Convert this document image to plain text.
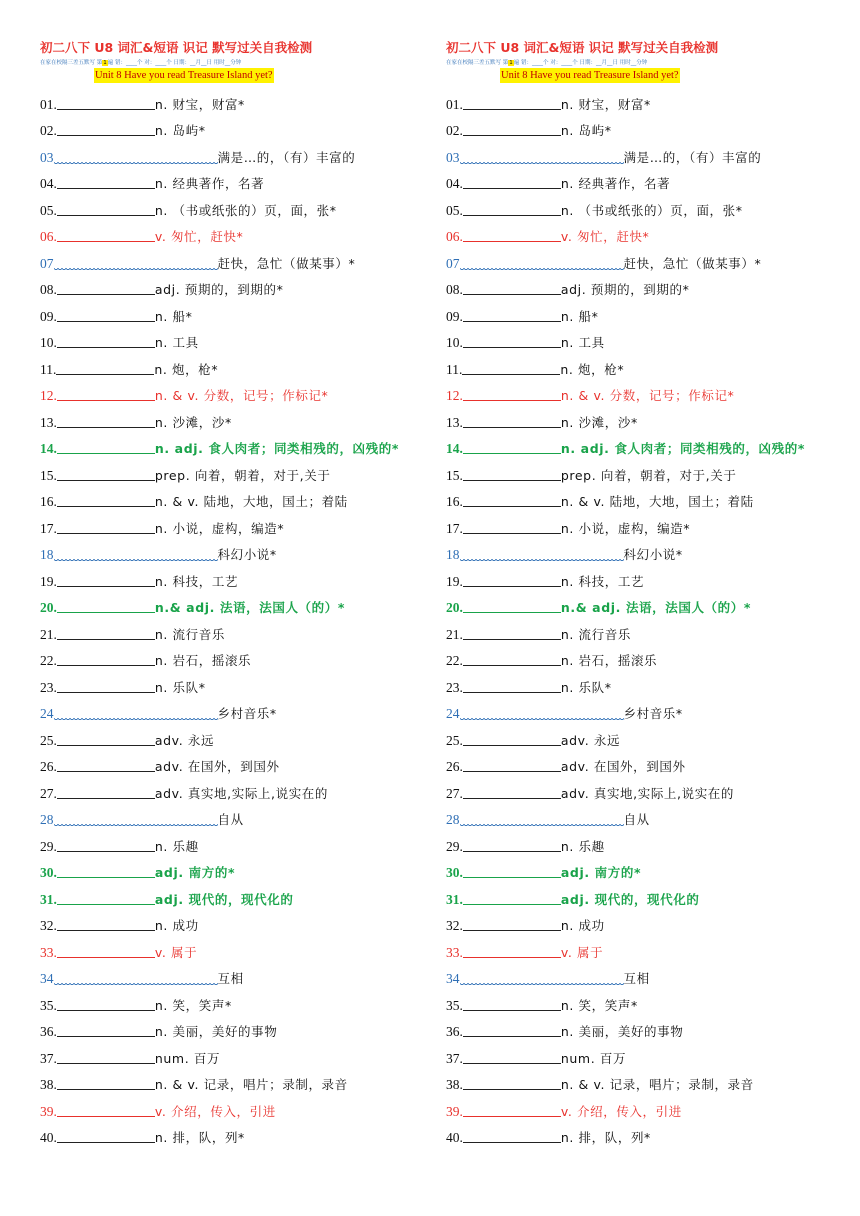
初二八下 U8 词汇&短语 识记 默写过关自我检测
在家在校隔三差五默写 第1遍 错：____个 对：____个 日期：__月__日 用时__分钟
Unit 8 Have you read Treasure Island yet?
01.	n. 财宝，财富*
02.	n. 岛屿*
03	满是…的，（有）丰富的
04.	n. 经典著作，名著
05.	n. （书或纸张的）页，面，张*
06.	v. 匆忙，赶快*
07	赶快，急忙（做某事）*
08.	adj. 预期的，到期的*
09.	n. 船*
10.	n. 工具
11.	n. 炮，枪*
12.	n. & v. 分数，记号；作标记*
13.	n. 沙滩，沙*
14.	n. adj. 食人肉者；同类相残的，凶残的*
15.	prep. 向着，朝着，对于,关于
16.	n. & v. 陆地，大地，国土；着陆
17.	n. 小说，虚构，编造*
18	科幻小说*
19.	n. 科技，工艺
20.	n.& adj. 法语，法国人（的）*
21.	n. 流行音乐
22.	n. 岩石，摇滚乐
23.	n. 乐队*
24	乡村音乐*
25.	adv. 永远
26.	adv. 在国外，到国外
27.	adv. 真实地,实际上,说实在的
28	自从
29.	n. 乐趣
30.	adj. 南方的*
31.	adj. 现代的，现代化的
32.	n. 成功
33.	v. 属于
34	互相
35.	n. 笑，笑声*
36.	n. 美丽，美好的事物
37.	num. 百万
38.	n. & v. 记录，唱片；录制，录音
39.	v. 介绍，传入，引进
40.	n. 排，队，列*
初二八下 U8 词汇&短语 识记 默写过关自我检测
在家在校隔三差五默写 第1遍 错：____个 对：____个 日期：__月__日 用时__分钟
Unit 8 Have you read Treasure Island yet?
01.	n. 财宝，财富*
02.	n. 岛屿*
03	满是…的，（有）丰富的
04.	n. 经典著作，名著
05.	n. （书或纸张的）页，面，张*
06.	v. 匆忙，赶快*
07	赶快，急忙（做某事）*
08.	adj. 预期的，到期的*
09.	n. 船*
10.	n. 工具
11.	n. 炮，枪*
12.	n. & v. 分数，记号；作标记*
13.	n. 沙滩，沙*
14.	n. adj. 食人肉者；同类相残的，凶残的*
15.	prep. 向着，朝着，对于,关于
16.	n. & v. 陆地，大地，国土；着陆
17.	n. 小说，虚构，编造*
18	科幻小说*
19.	n. 科技，工艺
20.	n.& adj. 法语，法国人（的）*
21.	n. 流行音乐
22.	n. 岩石，摇滚乐
23.	n. 乐队*
24	乡村音乐*
25.	adv. 永远
26.	adv. 在国外，到国外
27.	adv. 真实地,实际上,说实在的
28	自从
29.	n. 乐趣
30.	adj. 南方的*
31.	adj. 现代的，现代化的
32.	n. 成功
33.	v. 属于
34	互相
35.	n. 笑，笑声*
36.	n. 美丽，美好的事物
37.	num. 百万
38.	n. & v. 记录，唱片；录制，录音
39.	v. 介绍，传入，引进
40.	n. 排，队，列*
